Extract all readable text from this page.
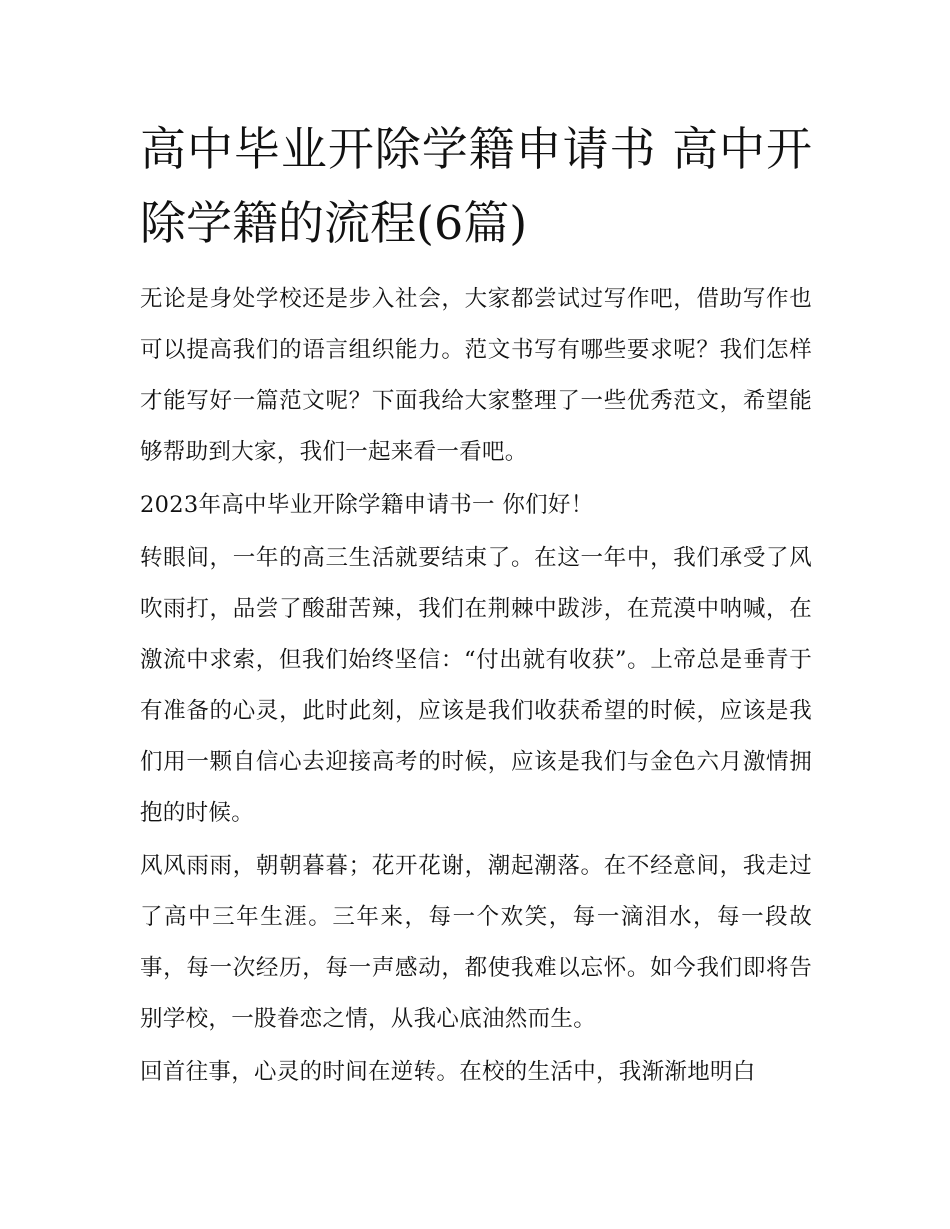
高中毕业开除学籍申请书 高中开除学籍的流程(6篇)

无论是身处学校还是步入社会，大家都尝试过写作吧，借助写作也可以提高我们的语言组织能力。范文书写有哪些要求呢？我们怎样才能写好一篇范文呢？下面我给大家整理了一些优秀范文，希望能够帮助到大家，我们一起来看一看吧。

2023年高中毕业开除学籍申请书一 你们好！

转眼间，一年的高三生活就要结束了。在这一年中，我们承受了风吹雨打，品尝了酸甜苦辣，我们在荆棘中跋涉，在荒漠中呐喊，在激流中求索，但我们始终坚信：“付出就有收获”。上帝总是垂青于有准备的心灵，此时此刻，应该是我们收获希望的时候，应该是我们用一颗自信心去迎接高考的时候，应该是我们与金色六月激情拥抱的时候。

风风雨雨，朝朝暮暮；花开花谢，潮起潮落。在不经意间，我走过了高中三年生涯。三年来，每一个欢笑，每一滴泪水，每一段故事，每一次经历，每一声感动，都使我难以忘怀。如今我们即将告别学校，一股眷恋之情，从我心底油然而生。

回首往事，心灵的时间在逆转。在校的生活中，我渐渐地明白
